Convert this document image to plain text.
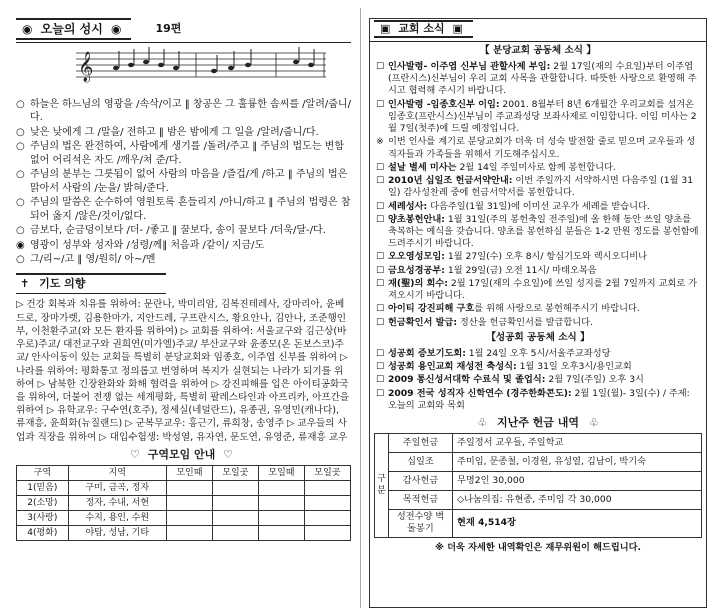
◉ 오늘의 성시 ◉	19편
𝄞
○ 하늘은 하느님의 영광을 /속삭/이고 ‖ 창공은 그 훌륭한 솜씨를 /알려/줍니/다.
○ 낮은 낮에게 그 /말을/ 전하고 ‖ 밤은 밤에게 그 일을 /알려/줍니/다.
○ 주님의 법은 완전하여, 사람에게 생기를 /돌려/주고 ‖ 주님의 법도는 변함없어 어리석은 자도 /깨우/쳐 준/다.
○ 주님의 분부는 그릇됨이 없어 사람의 마음을 /즐겁/게 /하고 ‖ 주님의 법은 맑아서 사람의 /눈을/ 밝혀/준다.
○ 주님의 말씀은 순수하여 영원토록 흔들리지 /아니/하고 ‖ 주님의 법령은 참되어 옳지 /않은/것이/없다.
○ 금보다, 순금덩이보다 /더- /좋고 ‖ 꿀보다, 송이 꿀보다 /더욱/달-/다.
◉ 영광이 성부와 성자와 /성령/께‖ 처음과 /같이/ 지금/도
○ 그/리~/고 ‖ 영/원히/ 아~/멘
✝ 기도 의향
▷ 건강 회복과 치유를 위하여: 문란나, 박미리암, 김복진테레사, 강마리아, 윤베드로, 장마가렛, 김용한마가, 지안드레, 구프란시스, 황요안나, 김안나, 조준행인부, 이천환주교(와 모든 환자를 위하여) ▷ 교회를 위하여: 서울교구와 김근상(바우로)주교/ 대전교구와 권희연(미가엘)주교/ 부산교구와 윤종모(온 돈보스코)주교/ 안사이동이 있는 교회들 특별히 분당교회와 임종호, 이주엽 신부를 위하여 ▷ 나라를 위하여: 평화통고 정의롭고 번영하며 복지가 실현되는 나라가 되기를 위하여 ▷ 남북한 긴장완화와 화해 협력을 위하여 ▷ 강진피해를 입은 아이티공화국을 위하여, 더불어 전쟁 없는 세계평화, 특별히 팔레스타인과 아프리카, 아프간을 위하여 ▷ 유학교우: 구수연(호주), 정세실(네덜란드), 유종권, 유영민(캐나다), 류재흥, 윤희화(뉴질랜드) ▷ 군복무교우: 홍근기, 류희창, 송영주 ▷ 교우들의 사업과 직장을 위하여 ▷ 대입수험생: 박성열, 유자연, 문도연, 유영준, 류재흥 교우
♡ 구역모임 안내 ♡
구역	지역	모인때	모일곳	모일때	모일곳
1(믿음)	구미, 금곡, 정자				
2(소망)	정자, 수내, 서현				
3(사랑)	수지, 용인, 수원				
4(평화)	야탑, 성남, 기타				
▣ 교회 소식 ▣
【 분당교회 공동체 소식 】
☐ 인사발령- 이주엽 신부님 관할사제 부임: 2월 17일(재의 수요일)부터 이주엽(프란시스)신부님이 우리 교회 사목을 관할합니다. 따뜻한 사랑으로 환영해 주시고 협력해 주시기 바랍니다.
☐ 인사발령 -임종호신부 이임: 2001. 8월부터 8년 6개월간 우리교회를 섬겨온 임종호(프란시스)신부님이 주교좌성당 보좌사제로 이임합니다. 이임 미사는 2월 7일(첫주)에 드릴 예정입니다.
※ 이번 인사를 계기로 분당교회가 더욱 더 성숙 발전할 줄로 믿으며 교우들과 성직자들과 가족들을 위해서 기도해주십시오.
☐ 설날 별세 미사는 2월 14일 주일미사로 함께 봉헌합니다.
☐ 2010년 십일조 헌금서약안내: 이번 주일까지 서약하시면 다음주일 (1월 31일) 감사성찬례 중에 헌금서약서를 봉헌합니다.
☐ 세례성사: 다음주일(1월 31일)에 이미선 교우가 세례를 받습니다.
☐ 양초봉헌안내: 1월 31일(주의 봉헌축일 전주일)에 올 한해 동안 쓰일 양초를 축복하는 예식을 갖습니다. 양초를 봉헌하실 분들은 1-2 만원 정도를 봉헌함에 드려주시기 바랍니다.
☐ 오오영성모임: 1월 27일(수) 오후 8시/ 항심기도와 렉시오디비나
☐ 금요성경공부: 1월 29일(금) 오전 11시/ 마태오복음
☐ 재(聖)의 회수: 2월 17일(재의 수요일)에 쓰일 성지를 2월 7일까지 교회로 가져오시기 바랍니다.
☐ 아이티 강진피해 구호를 위해 사랑으로 봉헌해주시기 바랍니다.
☐ 헌금확인서 발급: 정산을 헌금확인서를 발급합니다.
【성공회 공동체 소식 】
☐ 성공회 증보기도회: 1월 24일 오후 5시/서울주교좌성당
☐ 성공회 용인교회 재성전 축성식: 1월 31일 오후3시/용인교회
☐ 2009 통신성서대학 수료식 및 졸업식: 2월 7일(주일) 오후 3시
☐ 2009 전국 성직자 신학연수 (경주한화콘도): 2월 1일(월)- 3일(수) / 주제: 오늘의 교회와 목회
♧ 지난주 헌금 내역 ♧
구분	주일헌금	주일정서 교우들, 주일학교
	십일조	주미임, 문종철, 이경원, 유성열, 김남이, 박기숙
	감사헌금	무명2인 30,000
	목적헌금	◇나눔의집: 유현종, 주미임 각 30,000
	성전수양 벽돌봉기	현재 4,514장
※ 더욱 자세한 내역확인은 재무위원이 해드립니다.
